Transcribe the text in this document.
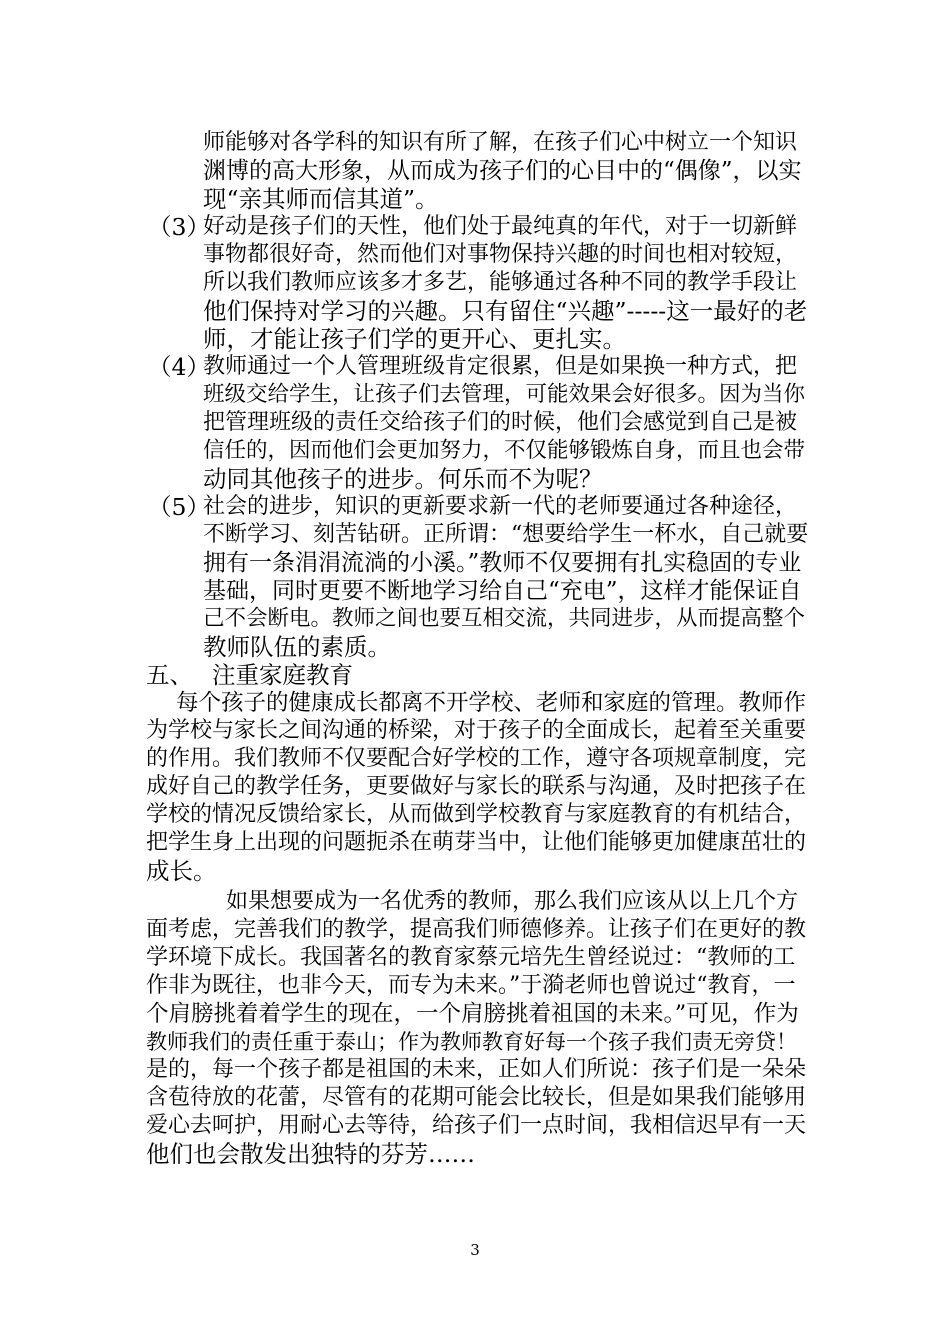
师能够对各学科的知识有所了解，在孩子们心中树立一个知识

渊博的高大形象，从而成为孩子们的心目中的“偶像”，以实

现“亲其师而信其道”。

（3）

好动是孩子们的天性，他们处于最纯真的年代，对于一切新鲜

事物都很好奇，然而他们对事物保持兴趣的时间也相对较短，

所以我们教师应该多才多艺，能够通过各种不同的教学手段让

他们保持对学习的兴趣。只有留住“兴趣”-----这一最好的老

师，才能让孩子们学的更开心、更扎实。

（4）

教师通过一个人管理班级肯定很累，但是如果换一种方式，把

班级交给学生，让孩子们去管理，可能效果会好很多。因为当你

把管理班级的责任交给孩子们的时候，他们会感觉到自己是被

信任的，因而他们会更加努力，不仅能够锻炼自身，而且也会带

动同其他孩子的进步。何乐而不为呢？

（5）

社会的进步，知识的更新要求新一代的老师要通过各种途径，

不断学习、刻苦钻研。正所谓：“想要给学生一杯水，自己就要

拥有一条涓涓流淌的小溪。”教师不仅要拥有扎实稳固的专业

基础，同时更要不断地学习给自己“充电”，这样才能保证自

己不会断电。教师之间也要互相交流，共同进步，从而提高整个

教师队伍的素质。

五、 注重家庭教育

每个孩子的健康成长都离不开学校、老师和家庭的管理。教师作

为学校与家长之间沟通的桥梁，对于孩子的全面成长，起着至关重要

的作用。我们教师不仅要配合好学校的工作，遵守各项规章制度，完

成好自己的教学任务，更要做好与家长的联系与沟通，及时把孩子在

学校的情况反馈给家长，从而做到学校教育与家庭教育的有机结合，

把学生身上出现的问题扼杀在萌芽当中，让他们能够更加健康茁壮的

成长。

如果想要成为一名优秀的教师，那么我们应该从以上几个方

面考虑，完善我们的教学，提高我们师德修养。让孩子们在更好的教

学环境下成长。我国著名的教育家蔡元培先生曾经说过：“教师的工

作非为既往，也非今天，而专为未来。”于漪老师也曾说过“教育，一

个肩膀挑着着学生的现在，一个肩膀挑着祖国的未来。”可见，作为

教师我们的责任重于泰山；作为教师教育好每一个孩子我们责无旁贷！

是的，每一个孩子都是祖国的未来，正如人们所说：孩子们是一朵朵

含苞待放的花蕾，尽管有的花期可能会比较长，但是如果我们能够用

爱心去呵护，用耐心去等待，给孩子们一点时间，我相信迟早有一天

他们也会散发出独特的芬芳……

3
